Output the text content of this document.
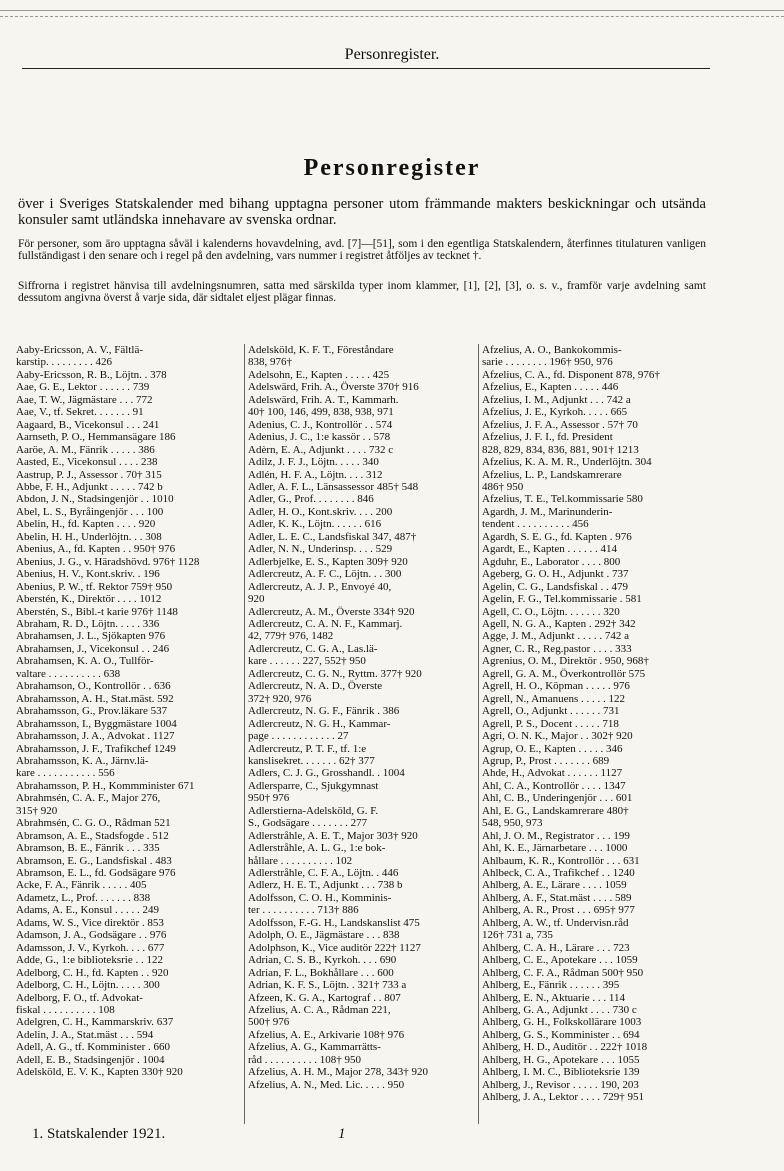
Personregister.
Personregister

över i Sveriges Statskalender med bihang upptagna personer utom främmande makters beskickningar och utsända konsuler samt utländska innehavare av svenska ordnar.

För personer, som äro upptagna såväl i kalenderns hovavdelning, avd. [7]—[51], som i den egentliga Statskalendern, återfinnes titulaturen vanligen fullständigast i den senare och i regel på den avdelning, vars nummer i registret åtföljes av tecknet †.

Siffrorna i registret hänvisa till avdelningsnumren, satta med särskilda typer inom klammer, [1], [2], [3], o. s. v., framför varje avdelning samt dessutom angivna överst å varje sida, där sidtalet eljest plägar finnas.

Aaby-Ericsson, A. V., Fältlä-
karstip. . . . . . . . . 426
Aaby-Ericsson, R. B., Löjtn. . 378
Aae, G. E., Lektor . . . . . . 739
Aae, T. W., Jägmästare . . . 772
Aae, V., tf. Sekret. . . . . . . 91
Aagaard, B., Vicekonsul . . . 241
Aarnseth, P. O., Hemmansägare 186
Aaröe, A. M., Fänrik . . . . . 386
Aasted, E., Vicekonsul . . . . 238
Aastrup, P. J., Assessor . 70† 315
Abbe, F. H., Adjunkt . . . . . 742 b
Abdon, J. N., Stadsingenjör . . 1010
Abel, L. S., Byråingenjör . . . 100
Abelin, H., fd. Kapten . . . . 920
Abelin, H. H., Underlöjtn. . . 308
Abenius, A., fd. Kapten . . 950† 976
Abenius, J. G., v. Häradshövd. 976† 1128
Abenius, H. V., Kont.skriv. . 196
Abenius, P. W., tf. Rektor 759† 950
Aberstén, K., Direktör . . . . 1012
Aberstén, S., Bibl.-t karie 976† 1148
Abraham, R. D., Löjtn. . . . . 336
Abrahamsen, J. L., Sjökapten 976
Abrahamsen, J., Vicekonsul . . 246
Abrahamsen, K. A. O., Tullför-
valtare . . . . . . . . . . 638
Abrahamson, O., Kontrollör . . 636
Abrahamsson, A. H., Stat.mäst. 592
Abrahamsson, G., Prov.läkare 537
Abrahamsson, I., Byggmästare 1004
Abrahamsson, J. A., Advokat . 1127
Abrahamsson, J. F., Trafikchef 1249
Abrahamsson, K. A., Järnv.lä-
kare . . . . . . . . . . . 556
Abrahamsson, P. H., Kommminister 671
Abrahmsén, C. A. F., Major 276,
315† 920
Abrahmsén, C. G. O., Rådman 521
Abramson, A. E., Stadsfogde . 512
Abramson, B. E., Fänrik . . . 335
Abramson, E. G., Landsfiskal . 483
Abramson, E. L., fd. Godsägare 976
Acke, F. A., Fänrik . . . . . 405
Adametz, L., Prof. . . . . . . 838
Adams, A. E., Konsul . . . . . 249
Adams, W. S., Vice direktör . 853
Adamson, J. A., Godsägare . . 976
Adamsson, J. V., Kyrkoh. . . . 677
Adde, G., 1:e biblioteksrie . . 122
Adelborg, C. H., fd. Kapten . . 920
Adelborg, C. H., Löjtn. . . . . 300
Adelborg, F. O., tf. Advokat-
fiskal . . . . . . . . . . 108
Adelgren, C. H., Kammarskriv. 637
Adelin, J. A., Stat.mäst . . . 594
Adell, A. G., tf. Komminister . 660
Adell, E. B., Stadsingenjör . 1004
Adelsköld, E. V. K., Kapten 330† 920
Adelsköld, K. F. T., Föreståndare
838, 976†
Adelsohn, E., Kapten . . . . . 425
Adelswärd, Frih. A., Överste 370† 916
Adelswärd, Frih. A. T., Kammarh.
40† 100, 146, 499, 838, 938, 971
Adenius, C. J., Kontrollör . . 574
Adenius, J. C., 1:e kassör . . 578
Adèrn, E. A., Adjunkt . . . . 732 c
Adilz, J. F. J., Löjtn. . . . . 340
Adlén, H. F. A., Löjtn. . . . 312
Adler, A. F. L., Länsassessor 485† 548
Adler, G., Prof. . . . . . . . 846
Adler, H. O., Kont.skriv. . . . 200
Adler, K. K., Löjtn. . . . . . 616
Adler, L. E. C., Landsfiskal 347, 487†
Adler, N. N., Underinsp. . . . 529
Adlerbjelke, E. S., Kapten 309† 920
Adlercreutz, A. F. C., Löjtn. . . 300
Adlercreutz, A. J. P., Envoyé 40,
920
Adlercreutz, A. M., Överste 334† 920
Adlercreutz, C. A. N. F., Kammarj.
42, 779† 976, 1482
Adlercreutz, C. G. A., Las.lä-
kare . . . . . . 227, 552† 950
Adlercreutz, C. G. N., Ryttm. 377† 920
Adlercreutz, N. A. D., Överste
372† 920, 976
Adlercreutz, N. G. F., Fänrik . 386
Adlercreutz, N. G. H., Kammar-
page . . . . . . . . . . . . 27
Adlercreutz, P. T. F., tf. 1:e
kanslisekret. . . . . . . 62† 377
Adlers, C. J. G., Grosshandl. . 1004
Adlersparre, C., Sjukgymnast
950† 976
Adlerstierna-Adelsköld, G. F.
S., Godsägare . . . . . . . 277
Adlerstråhle, A. E. T., Major 303† 920
Adlerstråhle, A. L. G., 1:e bok-
hållare . . . . . . . . . . 102
Adlerstråhle, C. F. A., Löjtn. . 446
Adlerz, H. E. T., Adjunkt . . . 738 b
Adolfsson, C. O. H., Komminis-
ter . . . . . . . . . . 713† 886
Adolfsson, F.-G. H., Landskanslist 475
Adolph, O. E., Jägmästare . . . 838
Adolphson, K., Vice auditör 222† 1127
Adrian, C. S. B., Kyrkoh. . . . 690
Adrian, F. L., Bokhållare . . . 600
Adrian, K. F. S., Löjtn. . 321† 733 a
Afzeen, K. G. A., Kartograf . . 807
Afzelius, A. C. A., Rådman 221,
500† 976
Afzelius, A. E., Arkivarie 108† 976
Afzelius, A. G., Kammarrätts-
råd . . . . . . . . . . 108† 950
Afzelius, A. H. M., Major 278, 343† 920
Afzelius, A. N., Med. Lic. . . . . 950
Afzelius, A. O., Bankokommis-
sarie . . . . . . . . 196† 950, 976
Afzelius, C. A., fd. Disponent 878, 976†
Afzelius, E., Kapten . . . . . 446
Afzelius, I. M., Adjunkt . . . 742 a
Afzelius, J. E., Kyrkoh. . . . . 665
Afzelius, J. F. A., Assessor . 57† 70
Afzelius, J. F. I., fd. President
828, 829, 834, 836, 881, 901† 1213
Afzelius, K. A. M. R., Underlöjtn. 304
Afzelius, L. P., Landskamrerare
486† 950
Afzelius, T. E., Tel.kommissarie 580
Agardh, J. M., Marinunderin-
tendent . . . . . . . . . . 456
Agardh, S. E. G., fd. Kapten . 976
Agardt, E., Kapten . . . . . . 414
Agduhr, E., Laborator . . . . 800
Ageberg, G. O. H., Adjunkt . 737
Agelin, C. G., Landsfiskal . . 479
Agelin, F. G., Tel.kommissarie . 581
Agell, C. O., Löjtn. . . . . . . 320
Agell, N. G. A., Kapten . 292† 342
Agge, J. M., Adjunkt . . . . . 742 a
Agner, C. R., Reg.pastor . . . . 333
Agrenius, O. M., Direktör . 950, 968†
Agrell, G. A. M., Överkontrollör 575
Agrell, H. O., Köpman . . . . . 976
Agrell, N., Amanuens . . . . . 122
Agrell, O., Adjunkt . . . . . . 731
Agrell, P. S., Docent . . . . . 718
Agri, O. N. K., Major . . 302† 920
Agrup, O. E., Kapten . . . . . 346
Agrup, P., Prost . . . . . . . 689
Ahde, H., Advokat . . . . . . 1127
Ahl, C. A., Kontrollör . . . . 1347
Ahl, C. B., Underingenjör . . . 601
Ahl, E. G., Landskamrerare 480†
548, 950, 973
Ahl, J. O. M., Registrator . . . 199
Ahl, K. E., Järnarbetare . . . 1000
Ahlbaum, K. R., Kontrollör . . . 631
Ahlbeck, C. A., Trafikchef . . 1240
Ahlberg, A. E., Lärare . . . . 1059
Ahlberg, A. F., Stat.mäst . . . . 589
Ahlberg, A. R., Prost . . . 695† 977
Ahlberg, A. W., tf. Undervisn.råd
126† 731 a, 735
Ahlberg, C. A. H., Lärare . . . 723
Ahlberg, C. E., Apotekare . . . 1059
Ahlberg, C. F. A., Rådman 500† 950
Ahlberg, E., Fänrik . . . . . . 395
Ahlberg, E. N., Aktuarie . . . 114
Ahlberg, G. A., Adjunkt . . . . 730 c
Ahlberg, G. H., Folkskollärare 1003
Ahlberg, G. S., Komminister . . 694
Ahlberg, H. D., Auditör . . 222† 1018
Ahlberg, H. G., Apotekare . . . 1055
Ahlberg, I. M. C., Biblioteksrie 139
Ahlberg, J., Revisor . . . . . 190, 203
Ahlberg, J. A., Lektor . . . . 729† 951
1. Statskalender 1921.	1
